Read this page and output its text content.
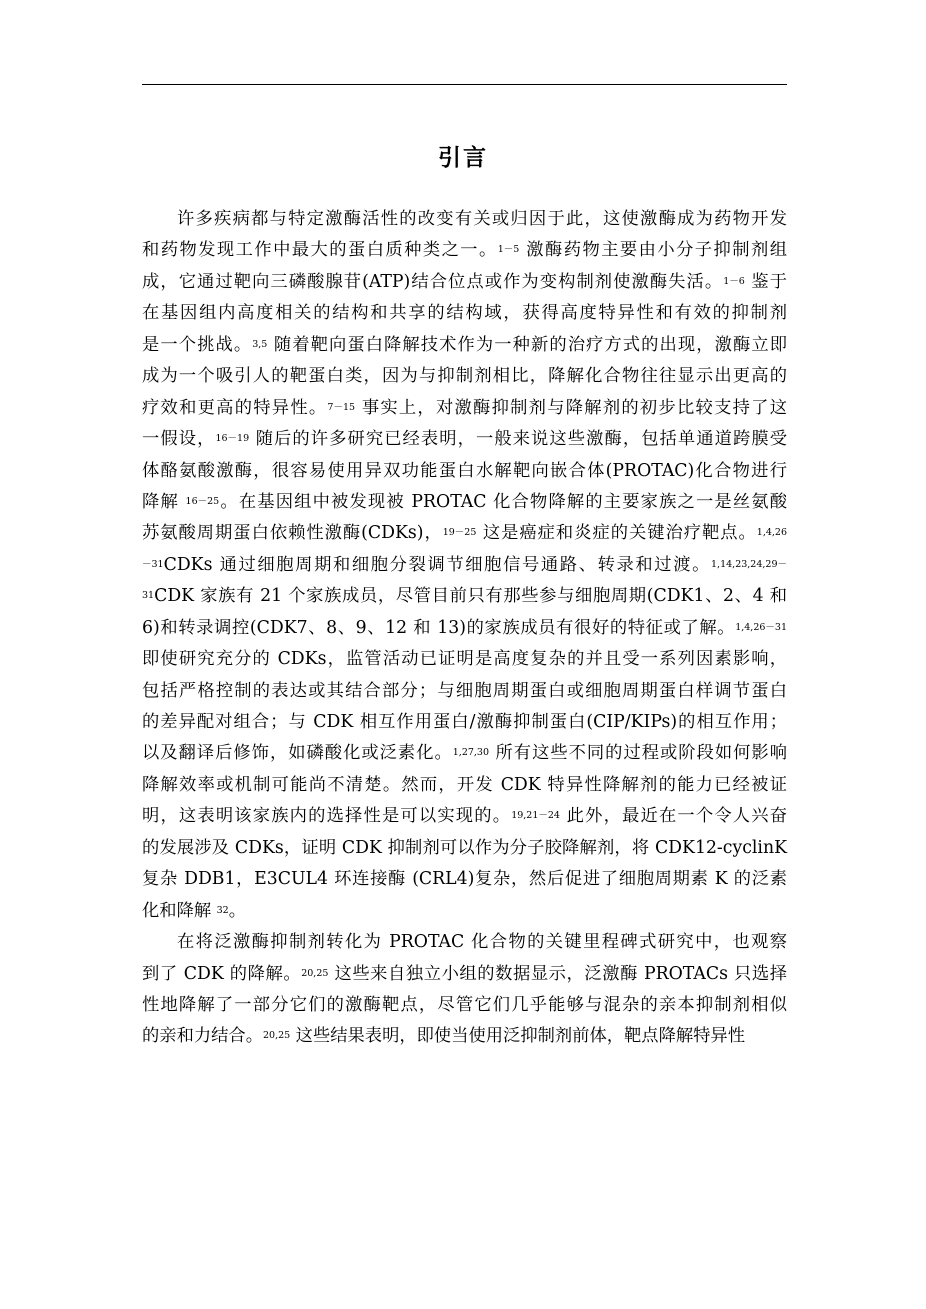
引言
许多疾病都与特定激酶活性的改变有关或归因于此，这使激酶成为药物开发
和药物发现工作中最大的蛋白质种类之一。$^{1-5}$ 激酶药物主要由小分子抑制剂组
成，它通过靶向三磷酸腺苷(ATP)结合位点或作为变构制剂使激酶失活。$^{1-6}$ 鉴于
在基因组内高度相关的结构和共享的结构域，获得高度特异性和有效的抑制剂
是一个挑战。$^{3,5}$ 随着靶向蛋白降解技术作为一种新的治疗方式的出现，激酶立即
成为一个吸引人的靶蛋白类，因为与抑制剂相比，降解化合物往往显示出更高的
疗效和更高的特异性。$^{7-15}$ 事实上，对激酶抑制剂与降解剂的初步比较支持了这
一假设，$^{16-19}$ 随后的许多研究已经表明，一般来说这些激酶，包括单通道跨膜受
体酪氨酸激酶，很容易使用异双功能蛋白水解靶向嵌合体(PROTAC)化合物进行
降解 $^{16-25}$。在基因组中被发现被 PROTAC 化合物降解的主要家族之一是丝氨酸
苏氨酸周期蛋白依赖性激酶(CDKs)，$^{19-25}$ 这是癌症和炎症的关键治疗靶点。$^{1,4,26}$
$^{-31}$CDKs 通过细胞周期和细胞分裂调节细胞信号通路、转录和过渡。$^{1,14,23,24,29-}$
$^{31}$CDK 家族有 21 个家族成员，尽管目前只有那些参与细胞周期(CDK1、2、4 和
6)和转录调控(CDK7、8、9、12 和 13)的家族成员有很好的特征或了解。$^{1,4,26-31}$
即使研究充分的 CDKs，监管活动已证明是高度复杂的并且受一系列因素影响，
包括严格控制的表达或其结合部分；与细胞周期蛋白或细胞周期蛋白样调节蛋白
的差异配对组合；与 CDK 相互作用蛋白/激酶抑制蛋白(CIP/KIPs)的相互作用；
以及翻译后修饰，如磷酸化或泛素化。$^{1,27,30}$ 所有这些不同的过程或阶段如何影响
降解效率或机制可能尚不清楚。然而，开发 CDK 特异性降解剂的能力已经被证
明，这表明该家族内的选择性是可以实现的。$^{19,21-24}$ 此外，最近在一个令人兴奋
的发展涉及 CDKs，证明 CDK 抑制剂可以作为分子胶降解剂，将 CDK12-cyclinK
复杂 DDB1，E3CUL4 环连接酶 (CRL4)复杂，然后促进了细胞周期素 K 的泛素
化和降解 $^{32}$。
在将泛激酶抑制剂转化为 PROTAC 化合物的关键里程碑式研究中，也观察
到了 CDK 的降解。$^{20,25}$ 这些来自独立小组的数据显示，泛激酶 PROTACs 只选择
性地降解了一部分它们的激酶靶点，尽管它们几乎能够与混杂的亲本抑制剂相似
的亲和力结合。$^{20,25}$ 这些结果表明，即使当使用泛抑制剂前体，靶点降解特异性
